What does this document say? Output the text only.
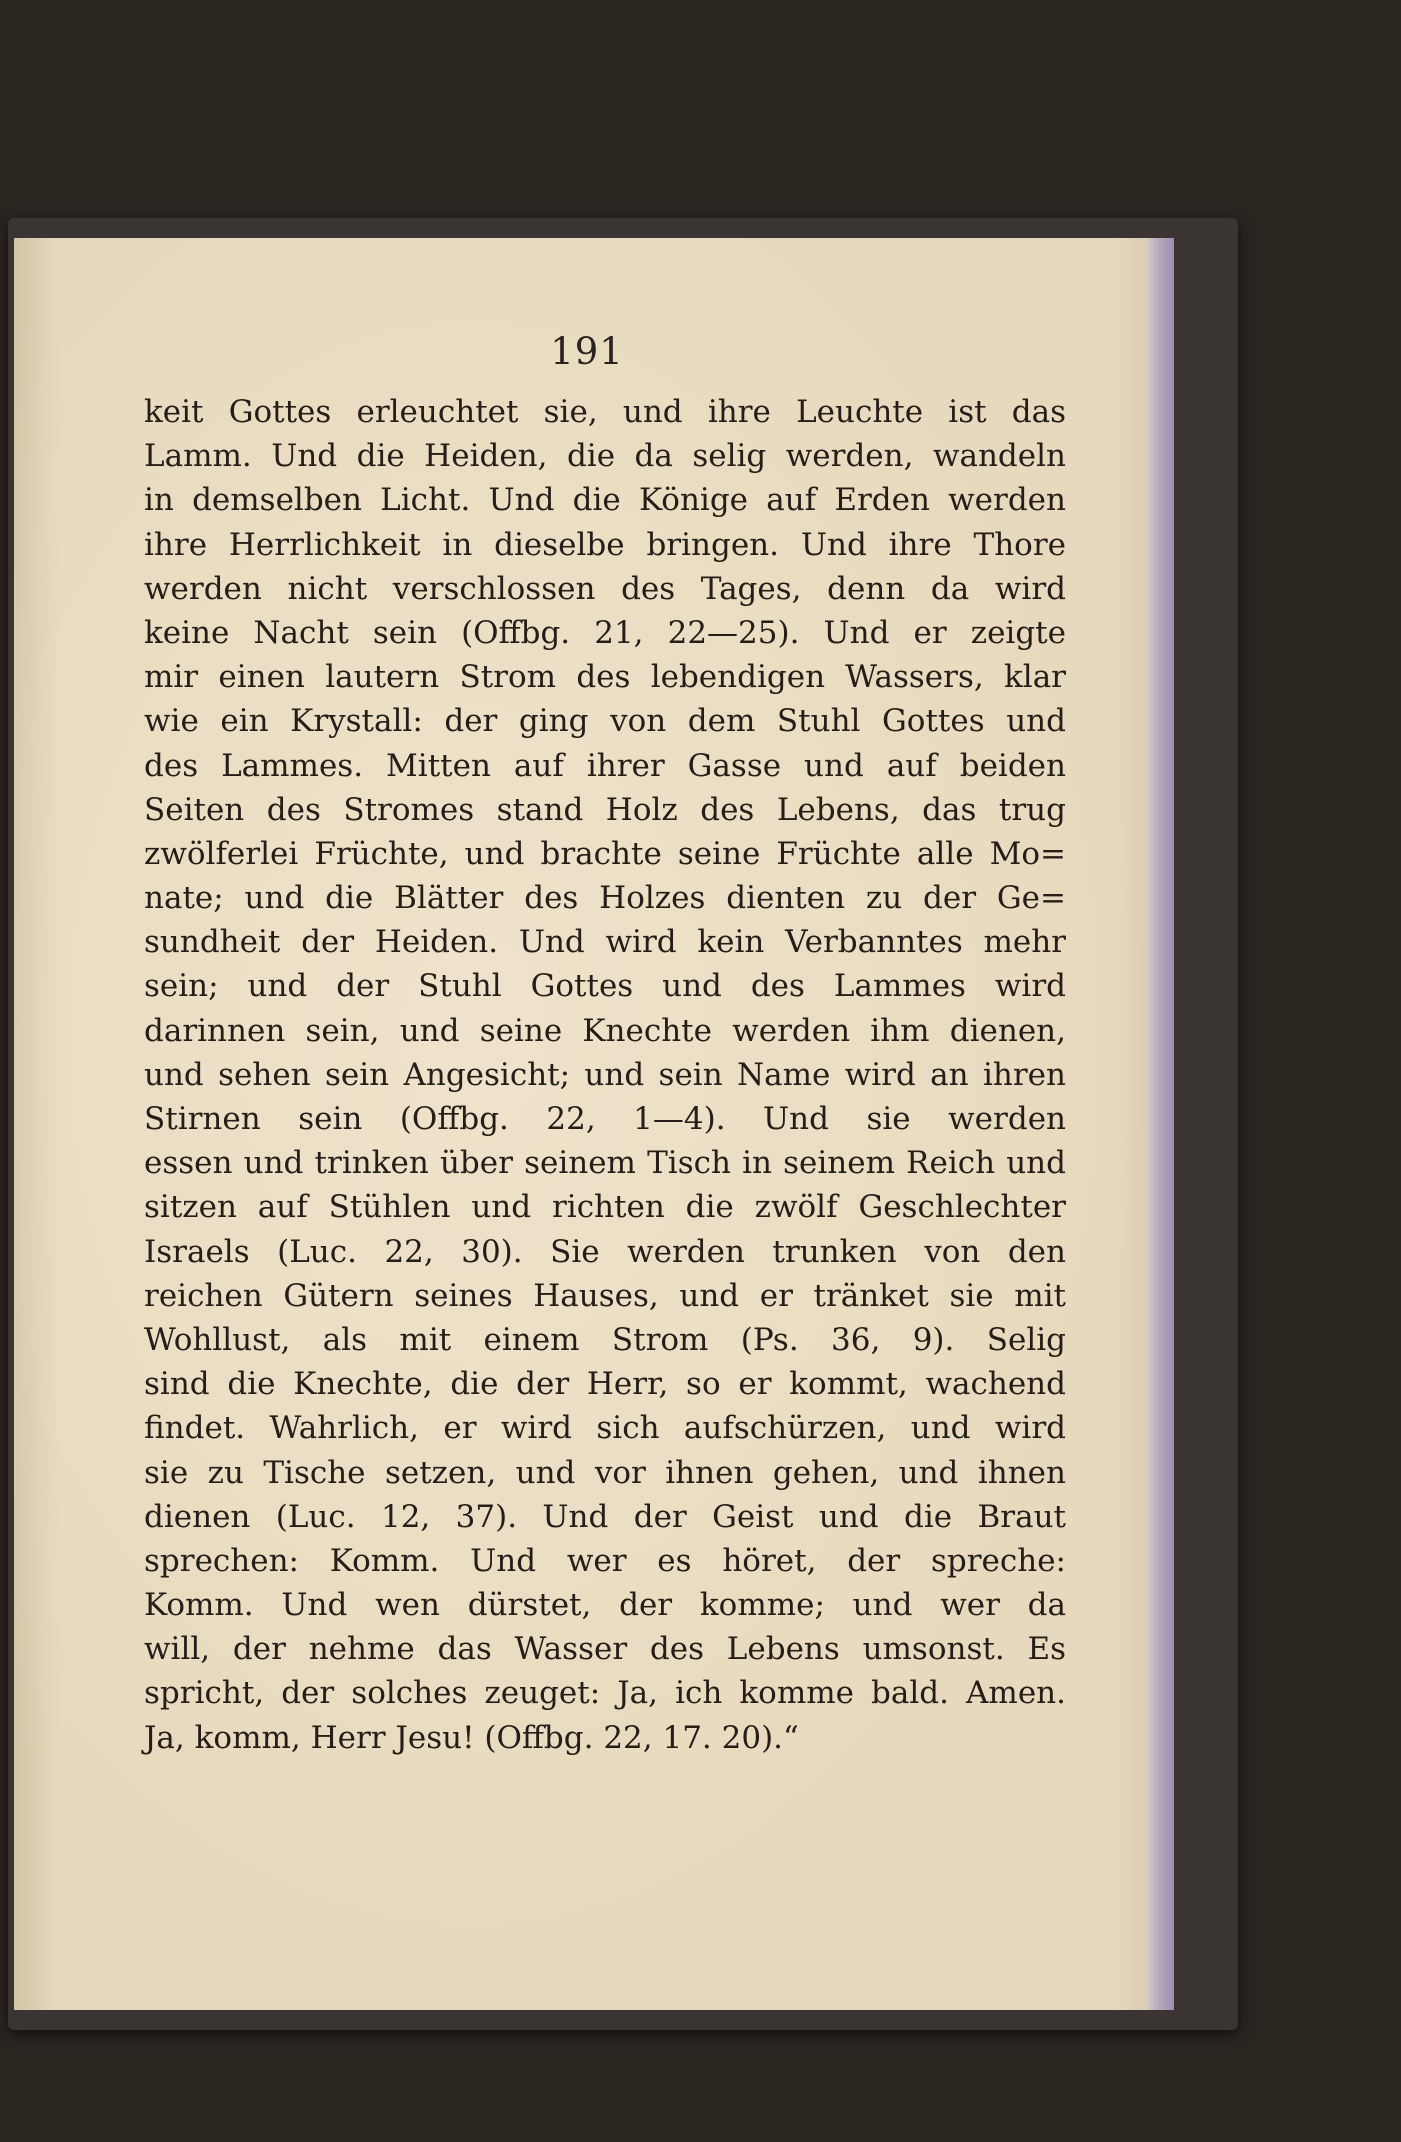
191
keit Gottes erleuchtet sie, und ihre Leuchte ist das
Lamm. Und die Heiden, die da selig werden, wandeln
in demselben Licht. Und die Könige auf Erden werden
ihre Herrlichkeit in dieselbe bringen. Und ihre Thore
werden nicht verschlossen des Tages, denn da wird
keine Nacht sein (Offbg. 21, 22—25). Und er zeigte
mir einen lautern Strom des lebendigen Wassers, klar
wie ein Krystall: der ging von dem Stuhl Gottes und
des Lammes. Mitten auf ihrer Gasse und auf beiden
Seiten des Stromes stand Holz des Lebens, das trug
zwölferlei Früchte, und brachte seine Früchte alle Mo=
nate; und die Blätter des Holzes dienten zu der Ge=
sundheit der Heiden. Und wird kein Verbanntes mehr
sein; und der Stuhl Gottes und des Lammes wird
darinnen sein, und seine Knechte werden ihm dienen,
und sehen sein Angesicht; und sein Name wird an ihren
Stirnen sein (Offbg. 22, 1—4). Und sie werden
essen und trinken über seinem Tisch in seinem Reich und
sitzen auf Stühlen und richten die zwölf Geschlechter
Israels (Luc. 22, 30). Sie werden trunken von den
reichen Gütern seines Hauses, und er tränket sie mit
Wohllust, als mit einem Strom (Ps. 36, 9). Selig
sind die Knechte, die der Herr, so er kommt, wachend
findet. Wahrlich, er wird sich aufschürzen, und wird
sie zu Tische setzen, und vor ihnen gehen, und ihnen
dienen (Luc. 12, 37). Und der Geist und die Braut
sprechen: Komm. Und wer es höret, der spreche:
Komm. Und wen dürstet, der komme; und wer da
will, der nehme das Wasser des Lebens umsonst. Es
spricht, der solches zeuget: Ja, ich komme bald. Amen.
Ja, komm, Herr Jesu! (Offbg. 22, 17. 20).“
